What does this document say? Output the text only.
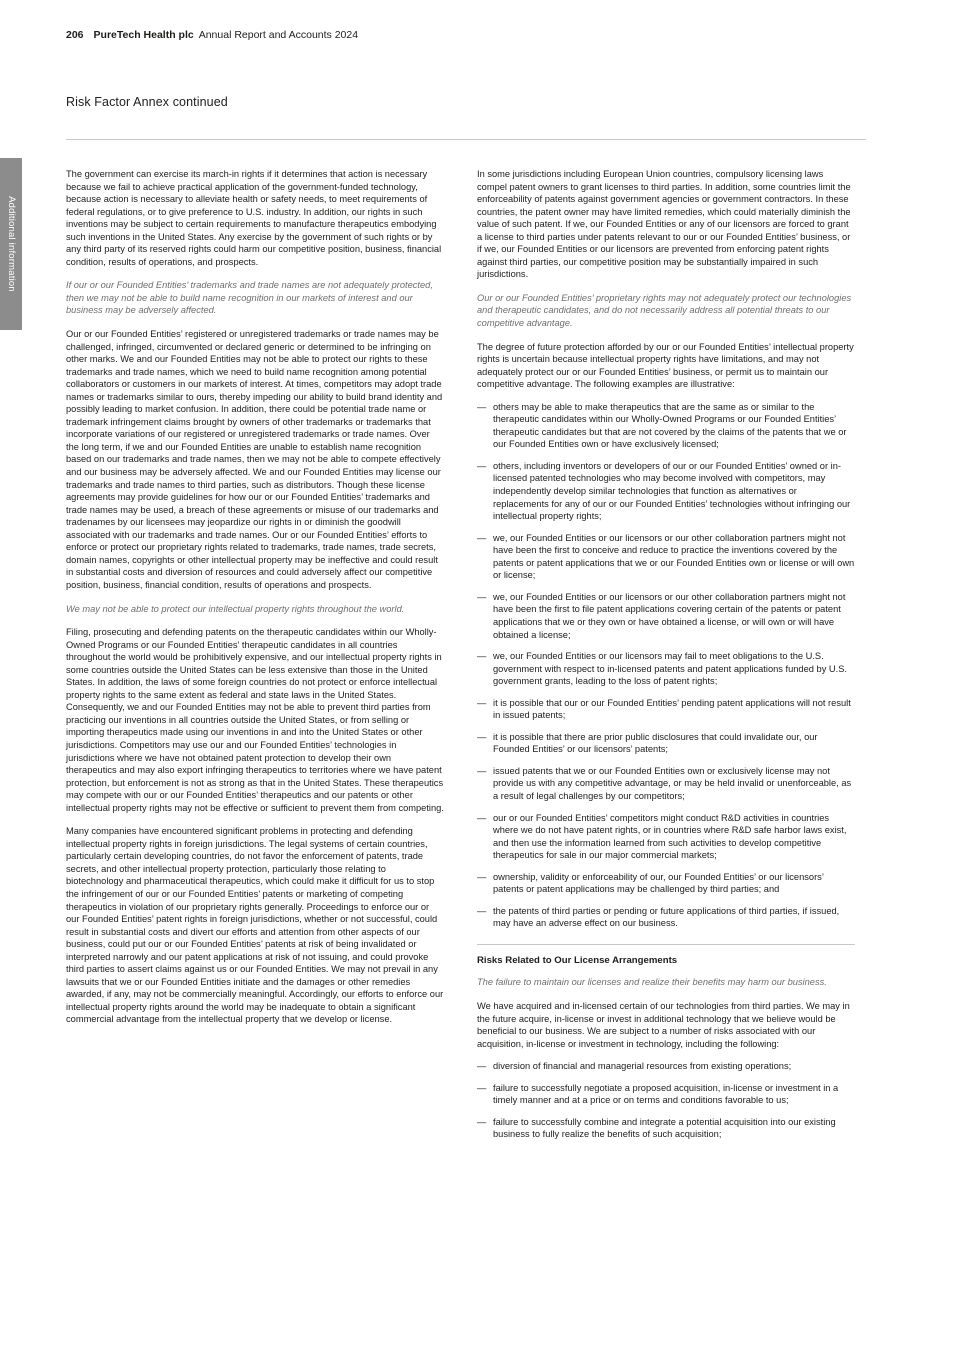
Additional information
206 PureTech Health plc Annual Report and Accounts 2024
Risk Factor Annex continued

The government can exercise its march-in rights if it determines that action is necessary because we fail to achieve practical application of the government-funded technology, because action is necessary to alleviate health or safety needs, to meet requirements of federal regulations, or to give preference to U.S. industry. In addition, our rights in such inventions may be subject to certain requirements to manufacture therapeutics embodying such inventions in the United States. Any exercise by the government of such rights or by any third party of its reserved rights could harm our competitive position, business, financial condition, results of operations, and prospects.

If our or our Founded Entities’ trademarks and trade names are not adequately protected, then we may not be able to build name recognition in our markets of interest and our business may be adversely affected.

Our or our Founded Entities’ registered or unregistered trademarks or trade names may be challenged, infringed, circumvented or declared generic or determined to be infringing on other marks. We and our Founded Entities may not be able to protect our rights to these trademarks and trade names, which we need to build name recognition among potential collaborators or customers in our markets of interest. At times, competitors may adopt trade names or trademarks similar to ours, thereby impeding our ability to build brand identity and possibly leading to market confusion. In addition, there could be potential trade name or trademark infringement claims brought by owners of other trademarks or trademarks that incorporate variations of our registered or unregistered trademarks or trade names. Over the long term, if we and our Founded Entities are unable to establish name recognition based on our trademarks and trade names, then we may not be able to compete effectively and our business may be adversely affected. We and our Founded Entities may license our trademarks and trade names to third parties, such as distributors. Though these license agreements may provide guidelines for how our or our Founded Entities’ trademarks and trade names may be used, a breach of these agreements or misuse of our trademarks and tradenames by our licensees may jeopardize our rights in or diminish the goodwill associated with our trademarks and trade names. Our or our Founded Entities’ efforts to enforce or protect our proprietary rights related to trademarks, trade names, trade secrets, domain names, copyrights or other intellectual property may be ineffective and could result in substantial costs and diversion of resources and could adversely affect our competitive position, business, financial condition, results of operations and prospects.

We may not be able to protect our intellectual property rights throughout the world.

Filing, prosecuting and defending patents on the therapeutic candidates within our Wholly-Owned Programs or our Founded Entities’ therapeutic candidates in all countries throughout the world would be prohibitively expensive, and our intellectual property rights in some countries outside the United States can be less extensive than those in the United States. In addition, the laws of some foreign countries do not protect or enforce intellectual property rights to the same extent as federal and state laws in the United States. Consequently, we and our Founded Entities may not be able to prevent third parties from practicing our inventions in all countries outside the United States, or from selling or importing therapeutics made using our inventions in and into the United States or other jurisdictions. Competitors may use our and our Founded Entities’ technologies in jurisdictions where we have not obtained patent protection to develop their own therapeutics and may also export infringing therapeutics to territories where we have patent protection, but enforcement is not as strong as that in the United States. These therapeutics may compete with our or our Founded Entities’ therapeutics and our patents or other intellectual property rights may not be effective or sufficient to prevent them from competing.

Many companies have encountered significant problems in protecting and defending intellectual property rights in foreign jurisdictions. The legal systems of certain countries, particularly certain developing countries, do not favor the enforcement of patents, trade secrets, and other intellectual property protection, particularly those relating to biotechnology and pharmaceutical therapeutics, which could make it difficult for us to stop the infringement of our or our Founded Entities’ patents or marketing of competing therapeutics in violation of our proprietary rights generally. Proceedings to enforce our or our Founded Entities’ patent rights in foreign jurisdictions, whether or not successful, could result in substantial costs and divert our efforts and attention from other aspects of our business, could put our or our Founded Entities’ patents at risk of being invalidated or interpreted narrowly and our patent applications at risk of not issuing, and could provoke third parties to assert claims against us or our Founded Entities. We may not prevail in any lawsuits that we or our Founded Entities initiate and the damages or other remedies awarded, if any, may not be commercially meaningful. Accordingly, our efforts to enforce our intellectual property rights around the world may be inadequate to obtain a significant commercial advantage from the intellectual property that we develop or license.

In some jurisdictions including European Union countries, compulsory licensing laws compel patent owners to grant licenses to third parties. In addition, some countries limit the enforceability of patents against government agencies or government contractors. In these countries, the patent owner may have limited remedies, which could materially diminish the value of such patent. If we, our Founded Entities or any of our licensors are forced to grant a license to third parties under patents relevant to our or our Founded Entities’ business, or if we, our Founded Entities or our licensors are prevented from enforcing patent rights against third parties, our competitive position may be substantially impaired in such jurisdictions.

Our or our Founded Entities’ proprietary rights may not adequately protect our technologies and therapeutic candidates, and do not necessarily address all potential threats to our competitive advantage.

The degree of future protection afforded by our or our Founded Entities’ intellectual property rights is uncertain because intellectual property rights have limitations, and may not adequately protect our or our Founded Entities’ business, or permit us to maintain our competitive advantage. The following examples are illustrative:

— others may be able to make therapeutics that are the same as or similar to the therapeutic candidates within our Wholly-Owned Programs or our Founded Entities’ therapeutic candidates but that are not covered by the claims of the patents that we or our Founded Entities own or have exclusively licensed;
— others, including inventors or developers of our or our Founded Entities’ owned or in-licensed patented technologies who may become involved with competitors, may independently develop similar technologies that function as alternatives or replacements for any of our or our Founded Entities’ technologies without infringing our intellectual property rights;
— we, our Founded Entities or our licensors or our other collaboration partners might not have been the first to conceive and reduce to practice the inventions covered by the patents or patent applications that we or our Founded Entities own or license or will own or license;
— we, our Founded Entities or our licensors or our other collaboration partners might not have been the first to file patent applications covering certain of the patents or patent applications that we or they own or have obtained a license, or will own or will have obtained a license;
— we, our Founded Entities or our licensors may fail to meet obligations to the U.S. government with respect to in-licensed patents and patent applications funded by U.S. government grants, leading to the loss of patent rights;
— it is possible that our or our Founded Entities’ pending patent applications will not result in issued patents;
— it is possible that there are prior public disclosures that could invalidate our, our Founded Entities’ or our licensors’ patents;
— issued patents that we or our Founded Entities own or exclusively license may not provide us with any competitive advantage, or may be held invalid or unenforceable, as a result of legal challenges by our competitors;
— our or our Founded Entities’ competitors might conduct R&D activities in countries where we do not have patent rights, or in countries where R&D safe harbor laws exist, and then use the information learned from such activities to develop competitive therapeutics for sale in our major commercial markets;
— ownership, validity or enforceability of our, our Founded Entities’ or our licensors’ patents or patent applications may be challenged by third parties; and
— the patents of third parties or pending or future applications of third parties, if issued, may have an adverse effect on our business.

Risks Related to Our License Arrangements

The failure to maintain our licenses and realize their benefits may harm our business.

We have acquired and in-licensed certain of our technologies from third parties. We may in the future acquire, in-license or invest in additional technology that we believe would be beneficial to our business. We are subject to a number of risks associated with our acquisition, in-license or investment in technology, including the following:

— diversion of financial and managerial resources from existing operations;
— failure to successfully negotiate a proposed acquisition, in-license or investment in a timely manner and at a price or on terms and conditions favorable to us;
— failure to successfully combine and integrate a potential acquisition into our existing business to fully realize the benefits of such acquisition;
